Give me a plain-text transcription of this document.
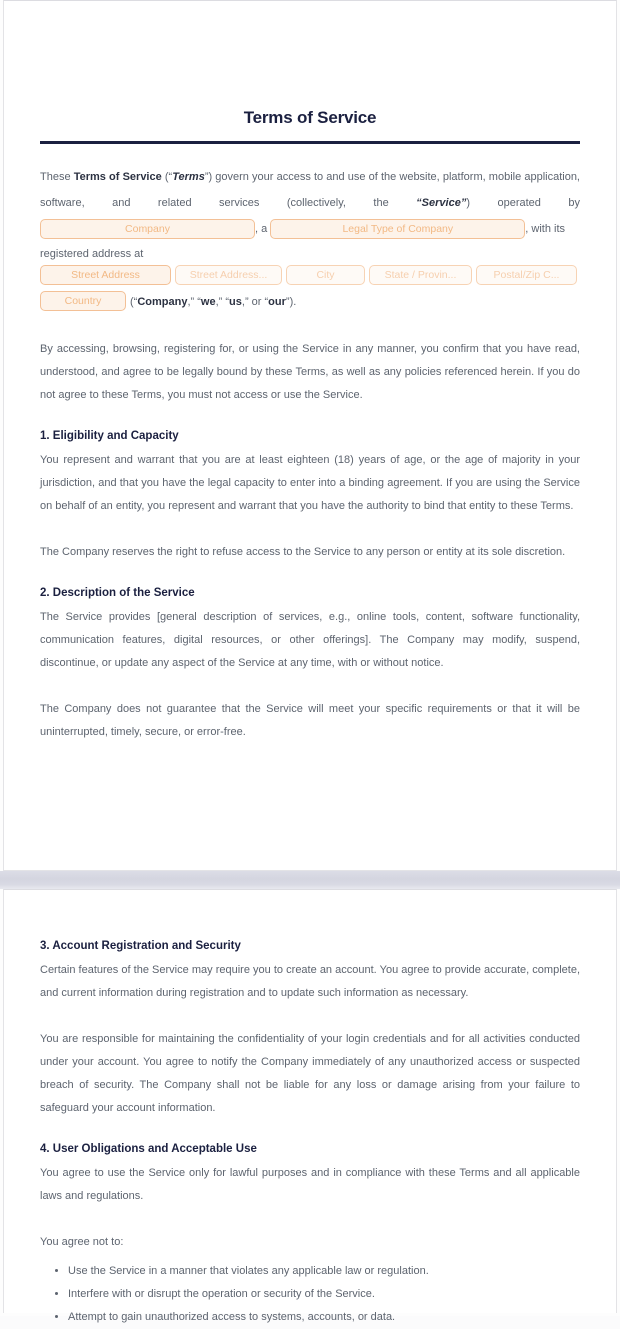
Terms of Service
These Terms of Service (“Terms”) govern your access to and use of the website, platform, mobile application, software, and related services (collectively, the “Service”) operated by Company	, a	Legal Type of Company	, with its
registered address at
Street Address	Street Address...	City	State / Provin...	Postal/Zip C...
Country	(“Company,” “we,” “us,” or “our”).

By accessing, browsing, registering for, or using the Service in any manner, you confirm that you have read, understood, and agree to be legally bound by these Terms, as well as any policies referenced herein. If you do not agree to these Terms, you must not access or use the Service.

1. Eligibility and Capacity

You represent and warrant that you are at least eighteen (18) years of age, or the age of majority in your jurisdiction, and that you have the legal capacity to enter into a binding agreement. If you are using the Service on behalf of an entity, you represent and warrant that you have the authority to bind that entity to these Terms.

The Company reserves the right to refuse access to the Service to any person or entity at its sole discretion.

2. Description of the Service

The Service provides [general description of services, e.g., online tools, content, software functionality, communication features, digital resources, or other offerings]. The Company may modify, suspend, discontinue, or update any aspect of the Service at any time, with or without notice.

The Company does not guarantee that the Service will meet your specific requirements or that it will be uninterrupted, timely, secure, or error-free.

3. Account Registration and Security

Certain features of the Service may require you to create an account. You agree to provide accurate, complete, and current information during registration and to update such information as necessary.

You are responsible for maintaining the confidentiality of your login credentials and for all activities conducted under your account. You agree to notify the Company immediately of any unauthorized access or suspected breach of security. The Company shall not be liable for any loss or damage arising from your failure to safeguard your account information.

4. User Obligations and Acceptable Use

You agree to use the Service only for lawful purposes and in compliance with these Terms and all applicable laws and regulations.

You agree not to:

• Use the Service in a manner that violates any applicable law or regulation.
• Interfere with or disrupt the operation or security of the Service.
• Attempt to gain unauthorized access to systems, accounts, or data.
